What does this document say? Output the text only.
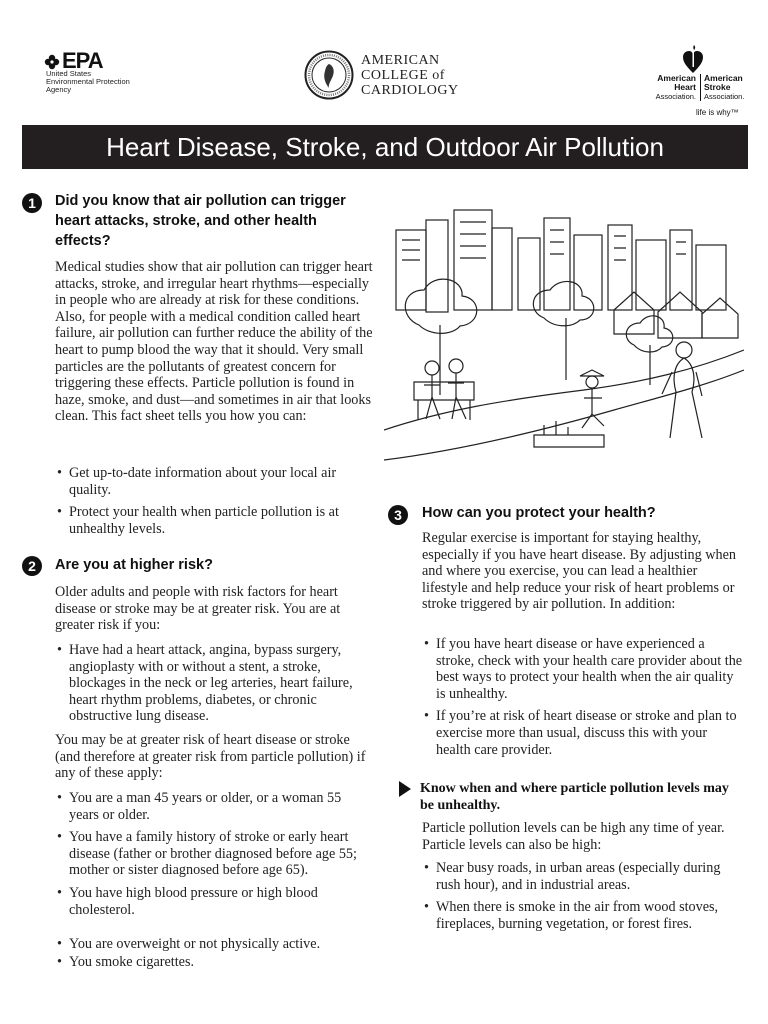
EPA
United States
Environmental Protection
Agency
AMERICAN
COLLEGE of
CARDIOLOGY
American
Heart
Association.
American
Stroke
Association.
life is why™
Heart Disease, Stroke, and Outdoor Air Pollution
1	Did you know that air pollution can trigger heart attacks, stroke, and other health effects?
Medical studies show that air pollution can trigger heart attacks, stroke, and irregular heart rhythms—especially in people who are already at risk for these conditions. Also, for people with a medical condition called heart failure, air pollution can further reduce the ability of the heart to pump blood the way that it should. Very small particles are the pollutants of greatest concern for triggering these effects. Particle pollution is found in haze, smoke, and dust—and sometimes in air that looks clean. This fact sheet tells you how you can:
• Get up-to-date information about your local air quality.
• Protect your health when particle pollution is at unhealthy levels.
2	Are you at higher risk?
Older adults and people with risk factors for heart disease or stroke may be at greater risk. You are at greater risk if you:
• Have had a heart attack, angina, bypass surgery, angioplasty with or without a stent, a stroke, blockages in the neck or leg arteries, heart failure, heart rhythm problems, diabetes, or chronic obstructive lung disease.
You may be at greater risk of heart disease or stroke (and therefore at greater risk from particle pollution) if any of these apply:
• You are a man 45 years or older, or a woman 55 years or older.
• You have a family history of stroke or early heart disease (father or brother diagnosed before age 55; mother or sister diagnosed before age 65).
• You have high blood pressure or high blood cholesterol.
• You are overweight or not physically active.
• You smoke cigarettes.
3	How can you protect your health?
Regular exercise is important for staying healthy, especially if you have heart disease. By adjusting when and where you exercise, you can lead a healthier lifestyle and help reduce your risk of heart problems or stroke triggered by air pollution. In addition:
• If you have heart disease or have experienced a stroke, check with your health care provider about the best ways to protect your health when the air quality is unhealthy.
• If you’re at risk of heart disease or stroke and plan to exercise more than usual, discuss this with your health care provider.
Know when and where particle pollution levels may be unhealthy.
Particle pollution levels can be high any time of year. Particle levels can also be high:
• Near busy roads, in urban areas (especially during rush hour), and in industrial areas.
• When there is smoke in the air from wood stoves, fireplaces, burning vegetation, or forest fires.
